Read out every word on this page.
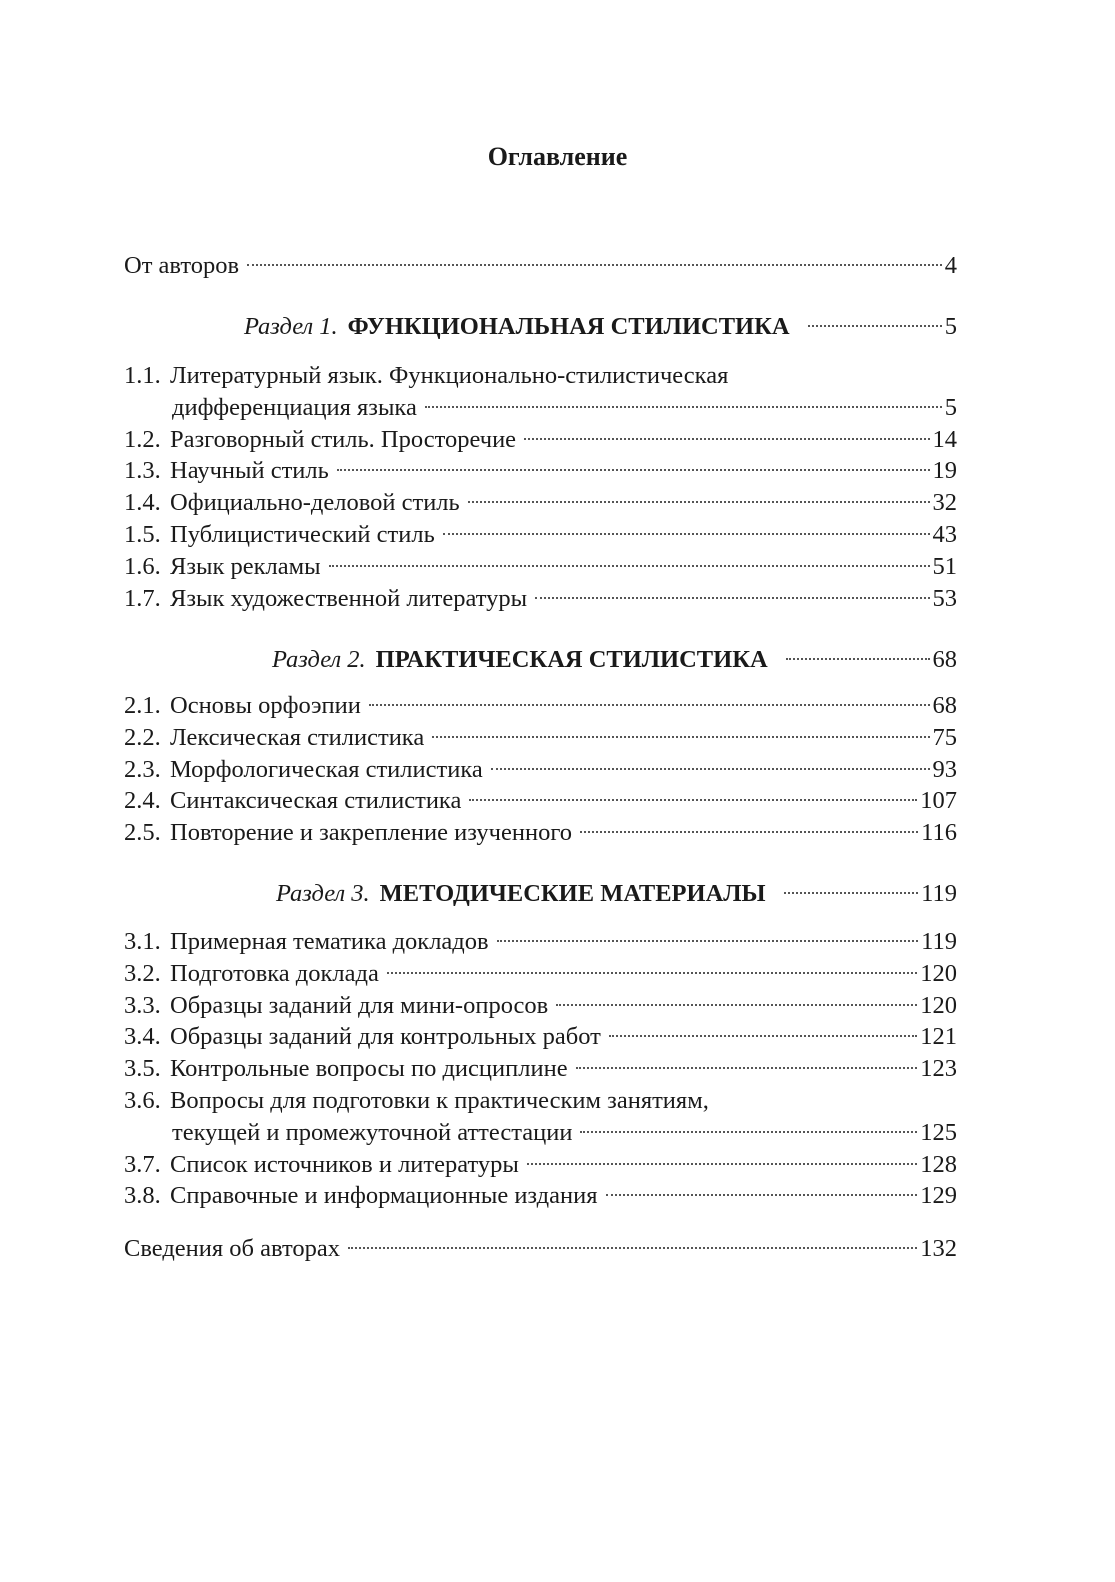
Оглавление
От авторов	4
Раздел 1. ФУНКЦИОНАЛЬНАЯ СТИЛИСТИКА	5
1.1. Литературный язык. Функционально-стилистическая
дифференциация языка	5
1.2. Разговорный стиль. Просторечие	14
1.3. Научный стиль	19
1.4. Официально-деловой стиль	32
1.5. Публицистический стиль	43
1.6. Язык рекламы	51
1.7. Язык художественной литературы	53
Раздел 2. ПРАКТИЧЕСКАЯ СТИЛИСТИКА	68
2.1. Основы орфоэпии	68
2.2. Лексическая стилистика	75
2.3. Морфологическая стилистика	93
2.4. Синтаксическая стилистика	107
2.5. Повторение и закрепление изученного	116
Раздел 3. МЕТОДИЧЕСКИЕ МАТЕРИАЛЫ	119
3.1. Примерная тематика докладов	119
3.2. Подготовка доклада	120
3.3. Образцы заданий для мини-опросов	120
3.4. Образцы заданий для контрольных работ	121
3.5. Контрольные вопросы по дисциплине	123
3.6. Вопросы для подготовки к практическим занятиям,
текущей и промежуточной аттестации	125
3.7. Список источников и литературы	128
3.8. Справочные и информационные издания	129
Сведения об авторах	132
